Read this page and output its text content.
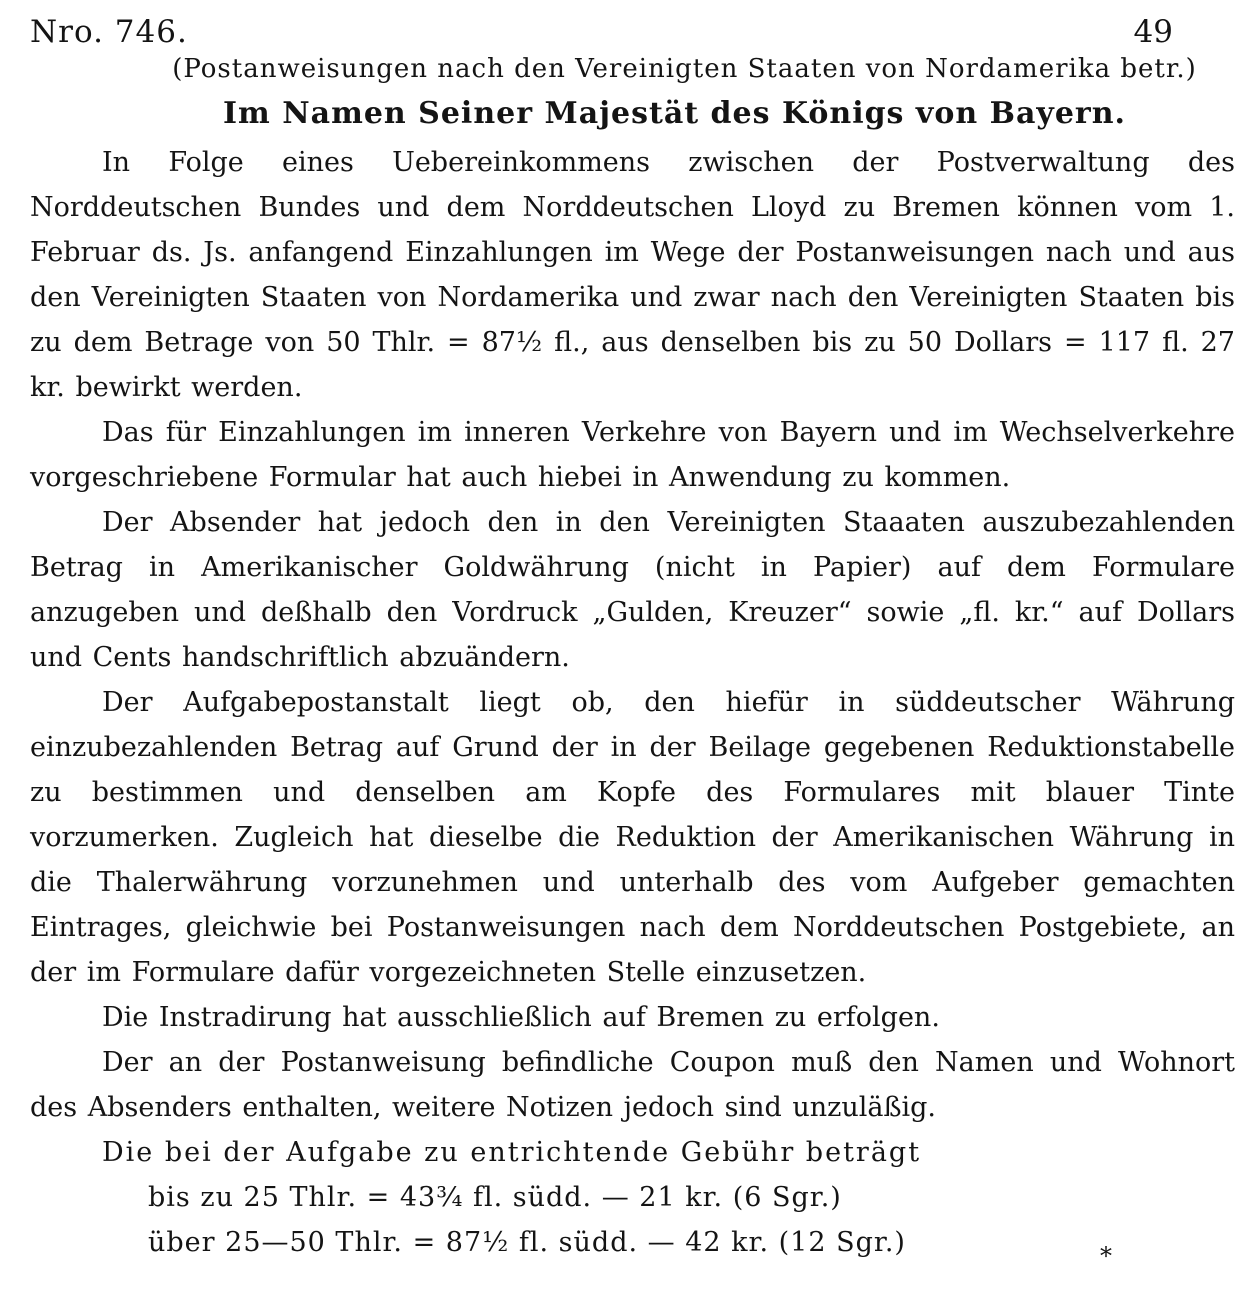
Nro. 746.	49
(Postanweisungen nach den Vereinigten Staaten von Nordamerika betr.)
Im Namen Seiner Majestät des Königs von Bayern.

In Folge eines Uebereinkommens zwischen der Postverwaltung des Norddeutschen Bundes und dem Norddeutschen Lloyd zu Bremen können vom 1. Februar ds. Js. anfangend Einzahlungen im Wege der Postanweisungen nach und aus den Vereinigten Staaten von Nordamerika und zwar nach den Vereinigten Staaten bis zu dem Betrage von 50 Thlr. = 87½ fl., aus denselben bis zu 50 Dollars = 117 fl. 27 kr. bewirkt werden.

Das für Einzahlungen im inneren Verkehre von Bayern und im Wechselverkehre vorgeschriebene Formular hat auch hiebei in Anwendung zu kommen.

Der Absender hat jedoch den in den Vereinigten Staaaten auszubezahlenden Betrag in Amerikanischer Goldwährung (nicht in Papier) auf dem Formulare anzugeben und deßhalb den Vordruck „Gulden, Kreuzer“ sowie „fl. kr.“ auf Dollars und Cents handschriftlich abzuändern.

Der Aufgabepostanstalt liegt ob, den hiefür in süddeutscher Währung einzubezahlenden Betrag auf Grund der in der Beilage gegebenen Reduktionstabelle zu bestimmen und denselben am Kopfe des Formulares mit blauer Tinte vorzumerken. Zugleich hat dieselbe die Reduktion der Amerikanischen Währung in die Thalerwährung vorzunehmen und unterhalb des vom Aufgeber gemachten Eintrages, gleichwie bei Postanweisungen nach dem Norddeutschen Postgebiete, an der im Formulare dafür vorgezeichneten Stelle einzusetzen.

Die Instradirung hat ausschließlich auf Bremen zu erfolgen.

Der an der Postanweisung befindliche Coupon muß den Namen und Wohnort des Absenders enthalten, weitere Notizen jedoch sind unzuläßig.

Die bei der Aufgabe zu entrichtende Gebühr beträgt

bis zu 25 Thlr. = 43¾ fl. südd. — 21 kr. (6 Sgr.)
über 25—50 Thlr. = 87½ fl. südd. — 42 kr. (12 Sgr.)	*
